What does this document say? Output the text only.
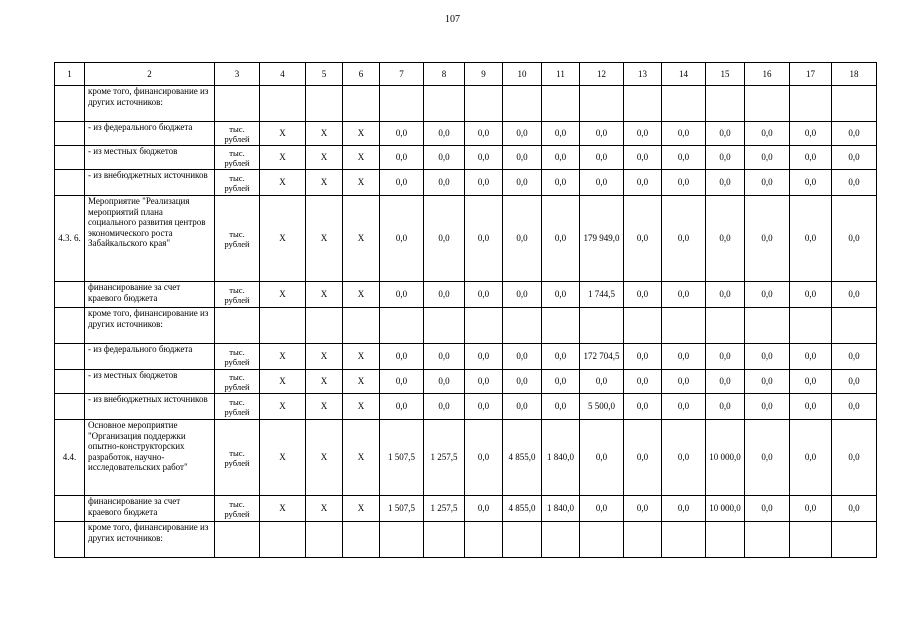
107
1	2	3	4	5	6	7	8	9	10	11	12	13	14	15	16	17	18
	кроме того, финансирование из других источников:																
	- из федерального бюджета	тыс. рублей	X	X	X	0,0	0,0	0,0	0,0	0,0	0,0	0,0	0,0	0,0	0,0	0,0	0,0
	- из местных бюджетов	тыс. рублей	X	X	X	0,0	0,0	0,0	0,0	0,0	0,0	0,0	0,0	0,0	0,0	0,0	0,0
	- из внебюджетных источников	тыс. рублей	X	X	X	0,0	0,0	0,0	0,0	0,0	0,0	0,0	0,0	0,0	0,0	0,0	0,0
4.3. 6.	Мероприятие "Реализация мероприятий плана социального развития центров экономического роста Забайкальского края"	тыс. рублей	X	X	X	0,0	0,0	0,0	0,0	0,0	179 949,0	0,0	0,0	0,0	0,0	0,0	0,0
	финансирование за счет краевого бюджета	тыс. рублей	X	X	X	0,0	0,0	0,0	0,0	0,0	1 744,5	0,0	0,0	0,0	0,0	0,0	0,0
	кроме того, финансирование из других источников:																
	- из федерального бюджета	тыс. рублей	X	X	X	0,0	0,0	0,0	0,0	0,0	172 704,5	0,0	0,0	0,0	0,0	0,0	0,0
	- из местных бюджетов	тыс. рублей	X	X	X	0,0	0,0	0,0	0,0	0,0	0,0	0,0	0,0	0,0	0,0	0,0	0,0
	- из внебюджетных источников	тыс. рублей	X	X	X	0,0	0,0	0,0	0,0	0,0	5 500,0	0,0	0,0	0,0	0,0	0,0	0,0
4.4.	Основное мероприятие "Организация поддержки опытно-конструкторских разработок, научно-исследовательских работ"	тыс. рублей	X	X	X	1 507,5	1 257,5	0,0	4 855,0	1 840,0	0,0	0,0	0,0	10 000,0	0,0	0,0	0,0
	финансирование за счет краевого бюджета	тыс. рублей	X	X	X	1 507,5	1 257,5	0,0	4 855,0	1 840,0	0,0	0,0	0,0	10 000,0	0,0	0,0	0,0
	кроме того, финансирование из других источников:																
